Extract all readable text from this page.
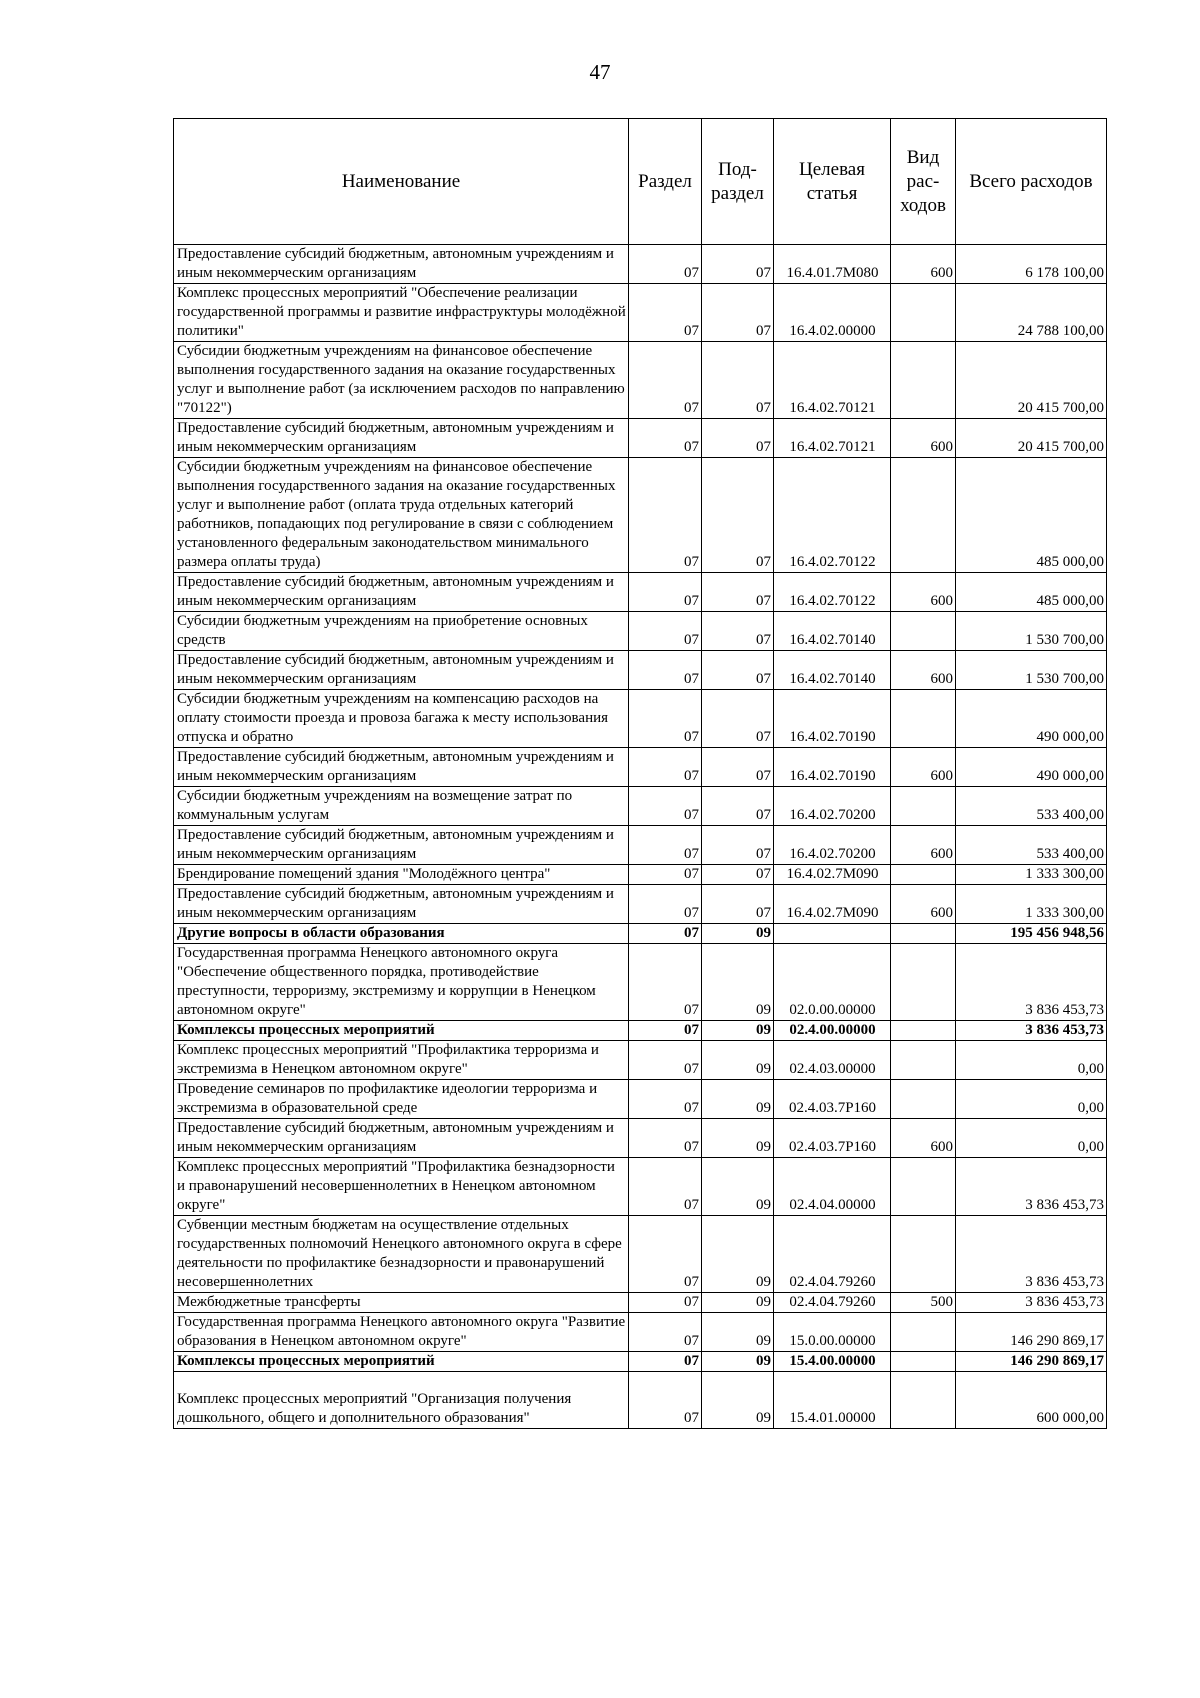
47
Наименование	Раздел	Под-раздел	Целевая статья	Вид рас-ходов	Всего расходов
Предоставление субсидий бюджетным, автономным учреждениям и иным некоммерческим организациям	07	07	16.4.01.7М080	600	6 178 100,00
Комплекс процессных мероприятий "Обеспечение реализации государственной программы и развитие инфраструктуры молодёжной политики"	07	07	16.4.02.00000		24 788 100,00
Субсидии бюджетным учреждениям на финансовое обеспечение выполнения государственного задания на оказание государственных услуг и выполнение работ (за исключением расходов по направлению "70122")	07	07	16.4.02.70121		20 415 700,00
Предоставление субсидий бюджетным, автономным учреждениям и иным некоммерческим организациям	07	07	16.4.02.70121	600	20 415 700,00
Субсидии бюджетным учреждениям на финансовое обеспечение выполнения государственного задания на оказание государственных услуг и выполнение работ (оплата труда отдельных категорий работников, попадающих под регулирование в связи с соблюдением установленного федеральным законодательством минимального размера оплаты труда)	07	07	16.4.02.70122		485 000,00
Предоставление субсидий бюджетным, автономным учреждениям и иным некоммерческим организациям	07	07	16.4.02.70122	600	485 000,00
Субсидии бюджетным учреждениям на приобретение основных средств	07	07	16.4.02.70140		1 530 700,00
Предоставление субсидий бюджетным, автономным учреждениям и иным некоммерческим организациям	07	07	16.4.02.70140	600	1 530 700,00
Субсидии бюджетным учреждениям на компенсацию расходов на оплату стоимости проезда и провоза багажа к месту использования отпуска и обратно	07	07	16.4.02.70190		490 000,00
Предоставление субсидий бюджетным, автономным учреждениям и иным некоммерческим организациям	07	07	16.4.02.70190	600	490 000,00
Субсидии бюджетным учреждениям на возмещение затрат по коммунальным услугам	07	07	16.4.02.70200		533 400,00
Предоставление субсидий бюджетным, автономным учреждениям и иным некоммерческим организациям	07	07	16.4.02.70200	600	533 400,00
Брендирование помещений здания "Молодёжного центра"	07	07	16.4.02.7М090		1 333 300,00
Предоставление субсидий бюджетным, автономным учреждениям и иным некоммерческим организациям	07	07	16.4.02.7М090	600	1 333 300,00
Другие вопросы в области образования	07	09			195 456 948,56
Государственная программа Ненецкого автономного округа "Обеспечение общественного порядка, противодействие преступности, терроризму, экстремизму и коррупции в Ненецком автономном округе"	07	09	02.0.00.00000		3 836 453,73
Комплексы процессных мероприятий	07	09	02.4.00.00000		3 836 453,73
Комплекс процессных мероприятий "Профилактика терроризма и экстремизма в Ненецком автономном округе"	07	09	02.4.03.00000		0,00
Проведение семинаров по профилактике идеологии терроризма и экстремизма в образовательной среде	07	09	02.4.03.7Р160		0,00
Предоставление субсидий бюджетным, автономным учреждениям и иным некоммерческим организациям	07	09	02.4.03.7Р160	600	0,00
Комплекс процессных мероприятий "Профилактика безнадзорности и правонарушений несовершеннолетних в Ненецком автономном округе"	07	09	02.4.04.00000		3 836 453,73
Субвенции местным бюджетам на осуществление отдельных государственных полномочий Ненецкого автономного округа в сфере деятельности по профилактике безнадзорности и правонарушений несовершеннолетних	07	09	02.4.04.79260		3 836 453,73
Межбюджетные трансферты	07	09	02.4.04.79260	500	3 836 453,73
Государственная программа Ненецкого автономного округа "Развитие образования в Ненецком автономном округе"	07	09	15.0.00.00000		146 290 869,17
Комплексы процессных мероприятий	07	09	15.4.00.00000		146 290 869,17
Комплекс процессных мероприятий "Организация получения дошкольного, общего и дополнительного образования"	07	09	15.4.01.00000		600 000,00
